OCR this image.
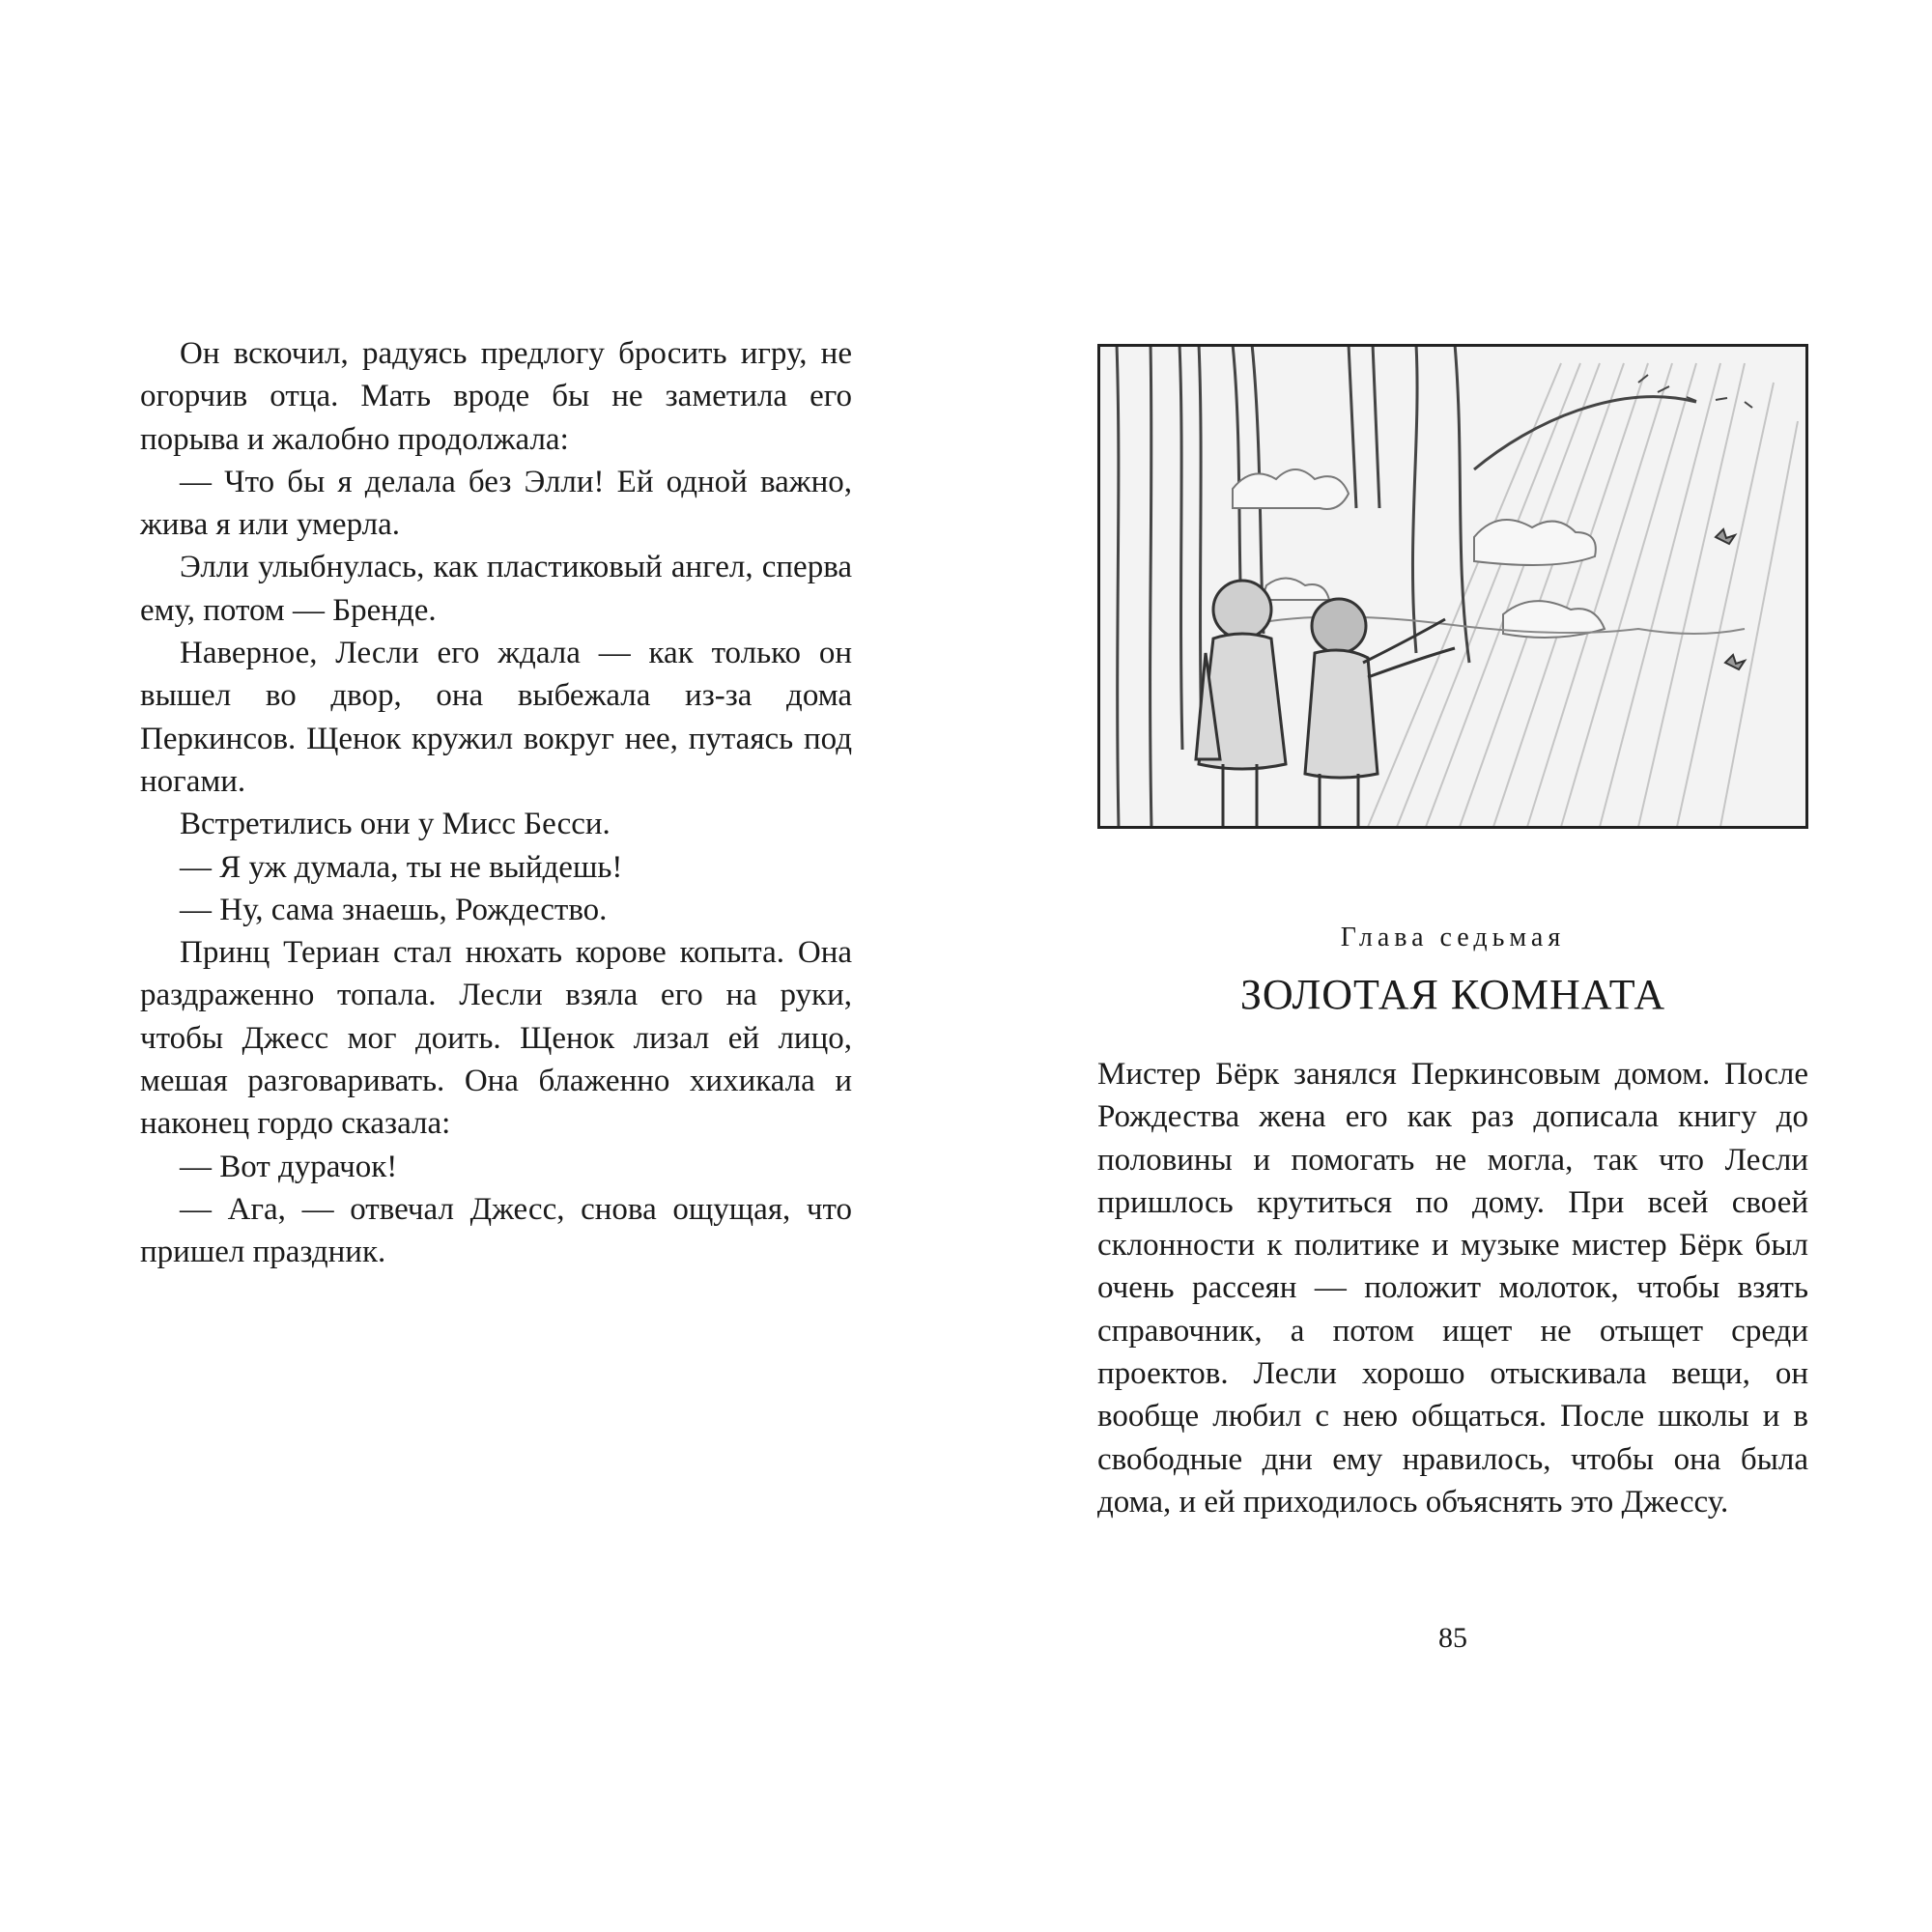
Он вскочил, радуясь предлогу бросить игру, не огорчив отца. Мать вроде бы не заметила его порыва и жалобно продолжала:

— Что бы я делала без Элли! Ей одной важно, жива я или умерла.

Элли улыбнулась, как пластиковый ангел, сперва ему, потом — Бренде.

Наверное, Лесли его ждала — как только он вышел во двор, она выбежала из-за дома Перкинсов. Щенок кружил вокруг нее, путаясь под ногами.

Встретились они у Мисс Бесси.

— Я уж думала, ты не выйдешь!

— Ну, сама знаешь, Рождество.

Принц Териан стал нюхать корове копыта. Она раздраженно топала. Лесли взяла его на руки, чтобы Джесс мог доить. Щенок лизал ей лицо, мешая разговаривать. Она блаженно хихикала и наконец гордо сказала:

— Вот дурачок!

— Ага, — отвечал Джесс, снова ощущая, что пришел праздник.

Глава седьмая
ЗОЛОТАЯ КОМНАТА

Мистер Бёрк занялся Перкинсовым домом. После Рождества жена его как раз дописала книгу до половины и помогать не могла, так что Лесли пришлось крутиться по дому. При всей своей склонности к политике и музыке мистер Бёрк был очень рассеян — положит молоток, чтобы взять справочник, а потом ищет не отыщет среди проектов. Лесли хорошо отыскивала вещи, он вообще любил с нею общаться. После школы и в свободные дни ему нравилось, чтобы она была дома, и ей приходилось объяснять это Джессу.

85
